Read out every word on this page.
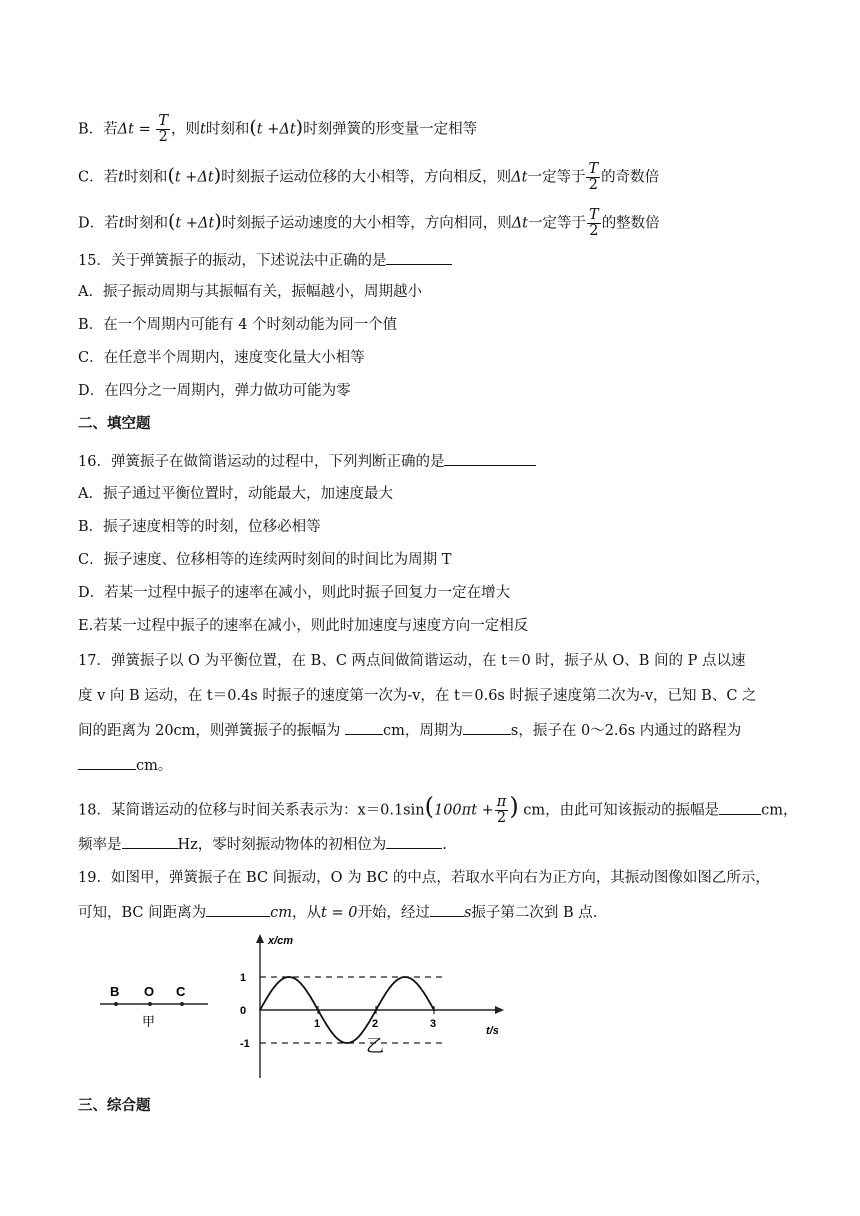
B．若$\Delta t = \frac{T}{2}$ ，则t时刻和(t +Δt)时刻弹簧的形变量一定相等
C．若t时刻和(t +Δt)时刻振子运动位移的大小相等，方向相反，则Δt一定等于 $\frac{T}{2}$ 的奇数倍
D．若t时刻和(t +Δt)时刻振子运动速度的大小相等，方向相同，则Δt一定等于 $\frac{T}{2}$ 的整数倍
15．关于弹簧振子的振动，下述说法中正确的是
A．振子振动周期与其振幅有关，振幅越小，周期越小
B．在一个周期内可能有 4 个时刻动能为同一个值
C．在任意半个周期内，速度变化量大小相等
D．在四分之一周期内，弹力做功可能为零
二、填空题
16．弹簧振子在做简谐运动的过程中，下列判断正确的是
A．振子通过平衡位置时，动能最大，加速度最大
B．振子速度相等的时刻，位移必相等
C．振子速度、位移相等的连续两时刻间的时间比为周期 T
D．若某一过程中振子的速率在减小，则此时振子回复力一定在增大
E.若某一过程中振子的速率在减小，则此时加速度与速度方向一定相反
17．弹簧振子以 O 为平衡位置，在 B、C 两点间做简谐运动，在 t＝0 时，振子从 O、B 间的 P 点以速
度 v 向 B 运动，在 t＝0.4s 时振子的速度第一次为-v，在 t＝0.6s 时振子速度第二次为-v，已知 B、C 之
间的距离为 20cm，则弹簧振子的振幅为	cm，周期为	s，振子在 0～2.6s 内通过的路程为
cm。
18．某简谐运动的位移与时间关系表示为：$x=0.1\sin(100\pi t + \frac{\pi}{2}$ ) cm，由此可知该振动的振幅是	cm，
频率是	Hz，零时刻振动物体的初相位为	.
19．如图甲，弹簧振子在 BC 间振动，O 为 BC 的中点，若取水平向右为正方向，其振动图像如图乙所示，
可知，BC 间距离为	cm，从t = 0开始，经过 s振子第二次到 B 点.
B O C
甲
x/cm
t/s
乙
1
0
-1
1	2	3
三、综合题
